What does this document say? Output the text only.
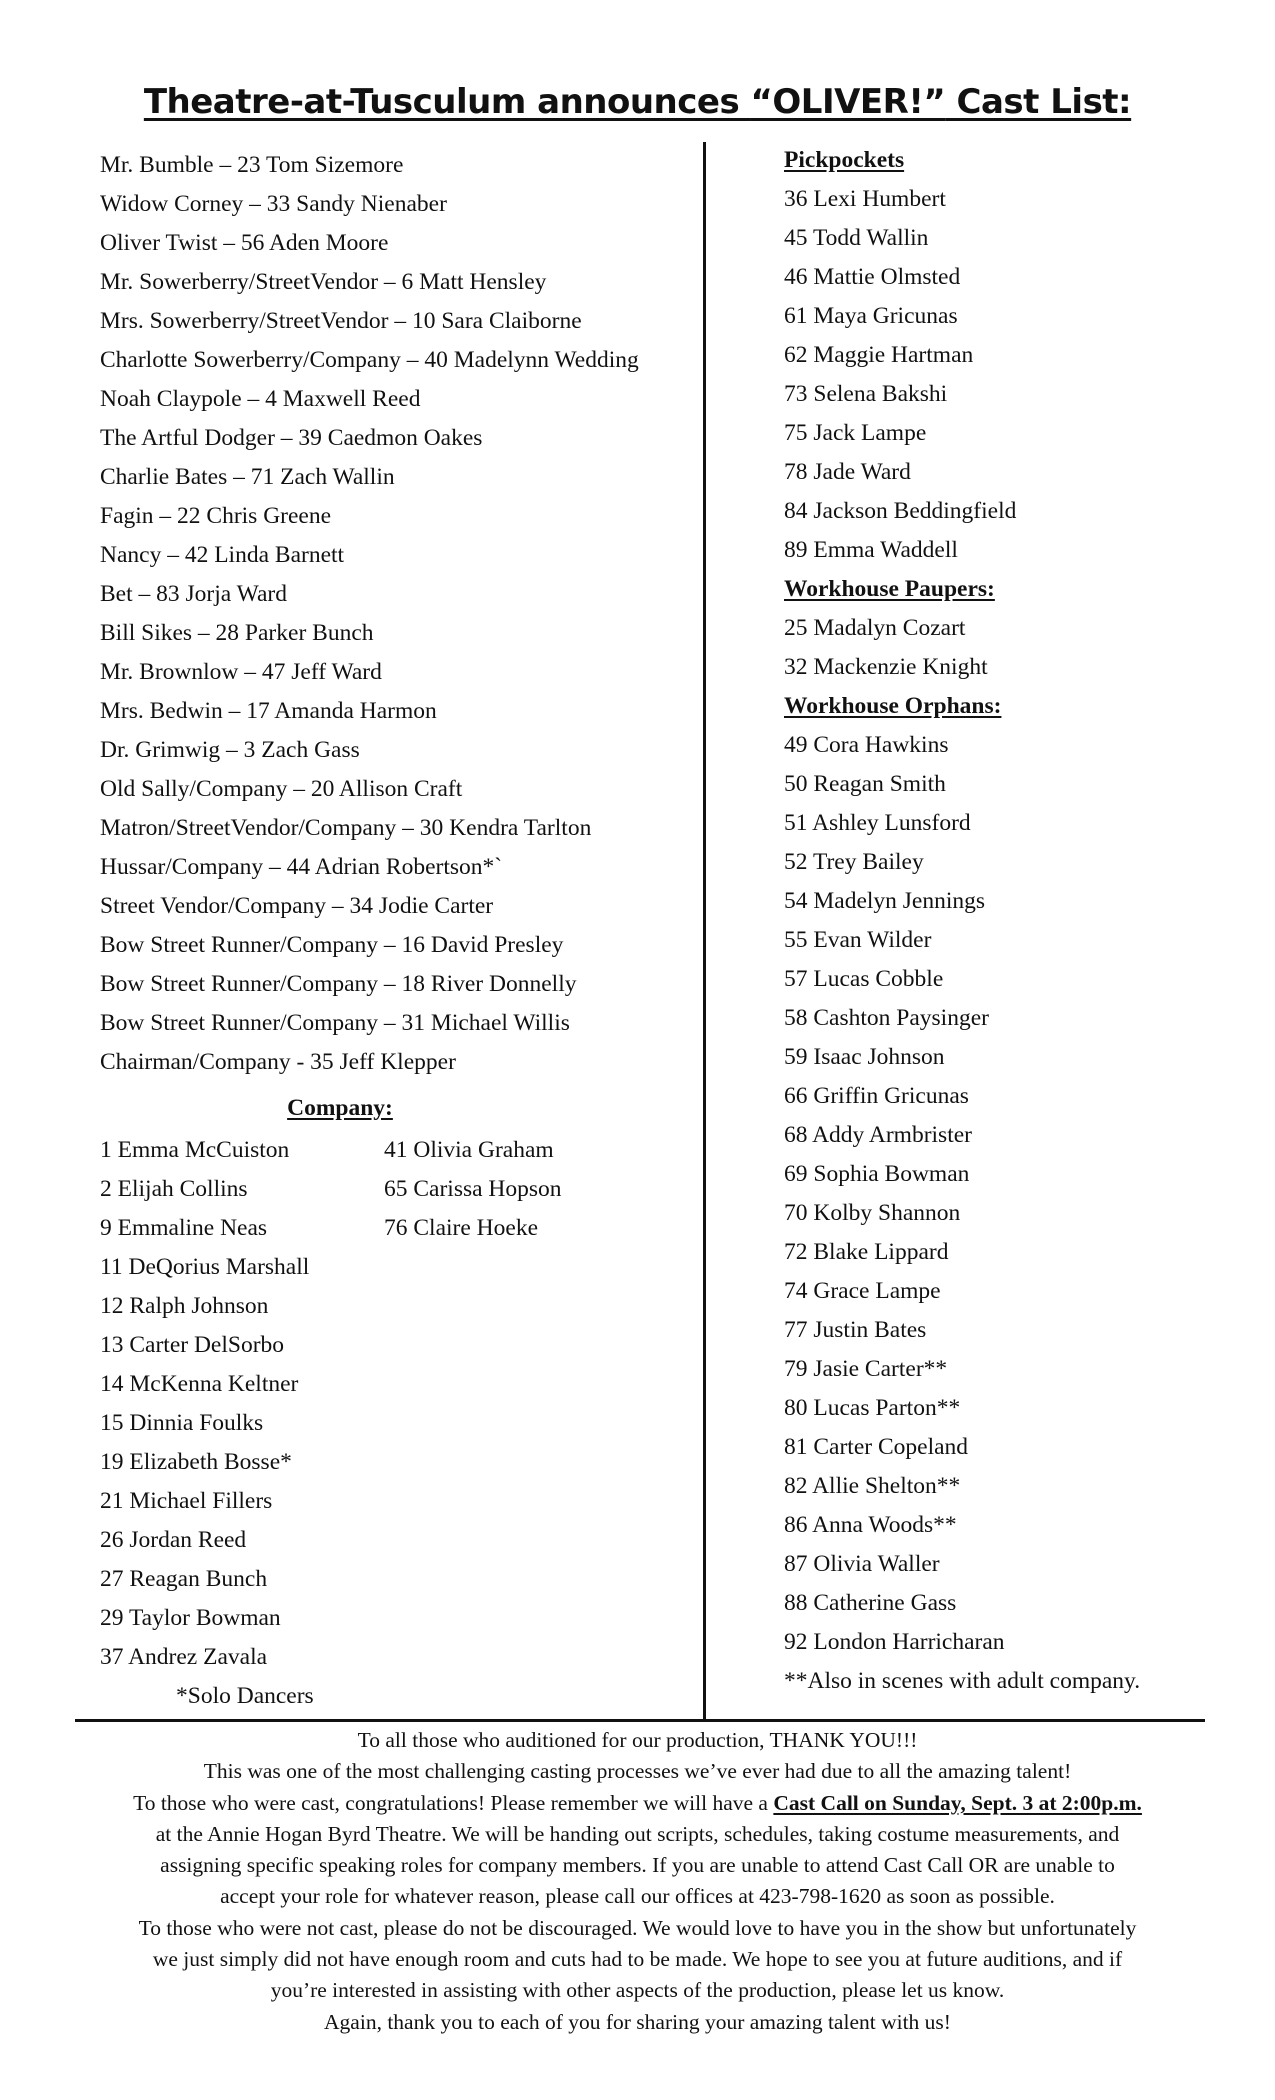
Theatre-at-Tusculum announces “OLIVER!” Cast List:
Mr. Bumble – 23 Tom Sizemore
Widow Corney – 33 Sandy Nienaber
Oliver Twist – 56 Aden Moore
Mr. Sowerberry/StreetVendor – 6 Matt Hensley
Mrs. Sowerberry/StreetVendor – 10 Sara Claiborne
Charlotte Sowerberry/Company – 40 Madelynn Wedding
Noah Claypole – 4 Maxwell Reed
The Artful Dodger – 39 Caedmon Oakes
Charlie Bates – 71 Zach Wallin
Fagin – 22 Chris Greene
Nancy – 42 Linda Barnett
Bet – 83 Jorja Ward
Bill Sikes – 28 Parker Bunch
Mr. Brownlow – 47 Jeff Ward
Mrs. Bedwin – 17 Amanda Harmon
Dr. Grimwig – 3 Zach Gass
Old Sally/Company – 20 Allison Craft
Matron/StreetVendor/Company – 30 Kendra Tarlton
Hussar/Company – 44 Adrian Robertson*`
Street Vendor/Company – 34 Jodie Carter
Bow Street Runner/Company – 16 David Presley
Bow Street Runner/Company – 18 River Donnelly
Bow Street Runner/Company – 31 Michael Willis
Chairman/Company - 35 Jeff Klepper
Company:
1 Emma McCuiston
2 Elijah Collins
9 Emmaline Neas
11 DeQorius Marshall
12 Ralph Johnson
13 Carter DelSorbo
14 McKenna Keltner
15 Dinnia Foulks
19 Elizabeth Bosse*
21 Michael Fillers
26 Jordan Reed
27 Reagan Bunch
29 Taylor Bowman
37 Andrez Zavala
41 Olivia Graham
65 Carissa Hopson
76 Claire Hoeke
*Solo Dancers
Pickpockets
36 Lexi Humbert
45 Todd Wallin
46 Mattie Olmsted
61 Maya Gricunas
62 Maggie Hartman
73 Selena Bakshi
75 Jack Lampe
78 Jade Ward
84 Jackson Beddingfield
89 Emma Waddell
Workhouse Paupers:
25 Madalyn Cozart
32 Mackenzie Knight
Workhouse Orphans:
49 Cora Hawkins
50 Reagan Smith
51 Ashley Lunsford
52 Trey Bailey
54 Madelyn Jennings
55 Evan Wilder
57 Lucas Cobble
58 Cashton Paysinger
59 Isaac Johnson
66 Griffin Gricunas
68 Addy Armbrister
69 Sophia Bowman
70 Kolby Shannon
72 Blake Lippard
74 Grace Lampe
77 Justin Bates
79 Jasie Carter**
80 Lucas Parton**
81 Carter Copeland
82 Allie Shelton**
86 Anna Woods**
87 Olivia Waller
88 Catherine Gass
92 London Harricharan
**Also in scenes with adult company.
To all those who auditioned for our production, THANK YOU!!!
This was one of the most challenging casting processes we’ve ever had due to all the amazing talent!
To those who were cast, congratulations! Please remember we will have a Cast Call on Sunday, Sept. 3 at 2:00p.m.
at the Annie Hogan Byrd Theatre. We will be handing out scripts, schedules, taking costume measurements, and
assigning specific speaking roles for company members. If you are unable to attend Cast Call OR are unable to
accept your role for whatever reason, please call our offices at 423-798-1620 as soon as possible.
To those who were not cast, please do not be discouraged. We would love to have you in the show but unfortunately
we just simply did not have enough room and cuts had to be made. We hope to see you at future auditions, and if
you’re interested in assisting with other aspects of the production, please let us know.
Again, thank you to each of you for sharing your amazing talent with us!
